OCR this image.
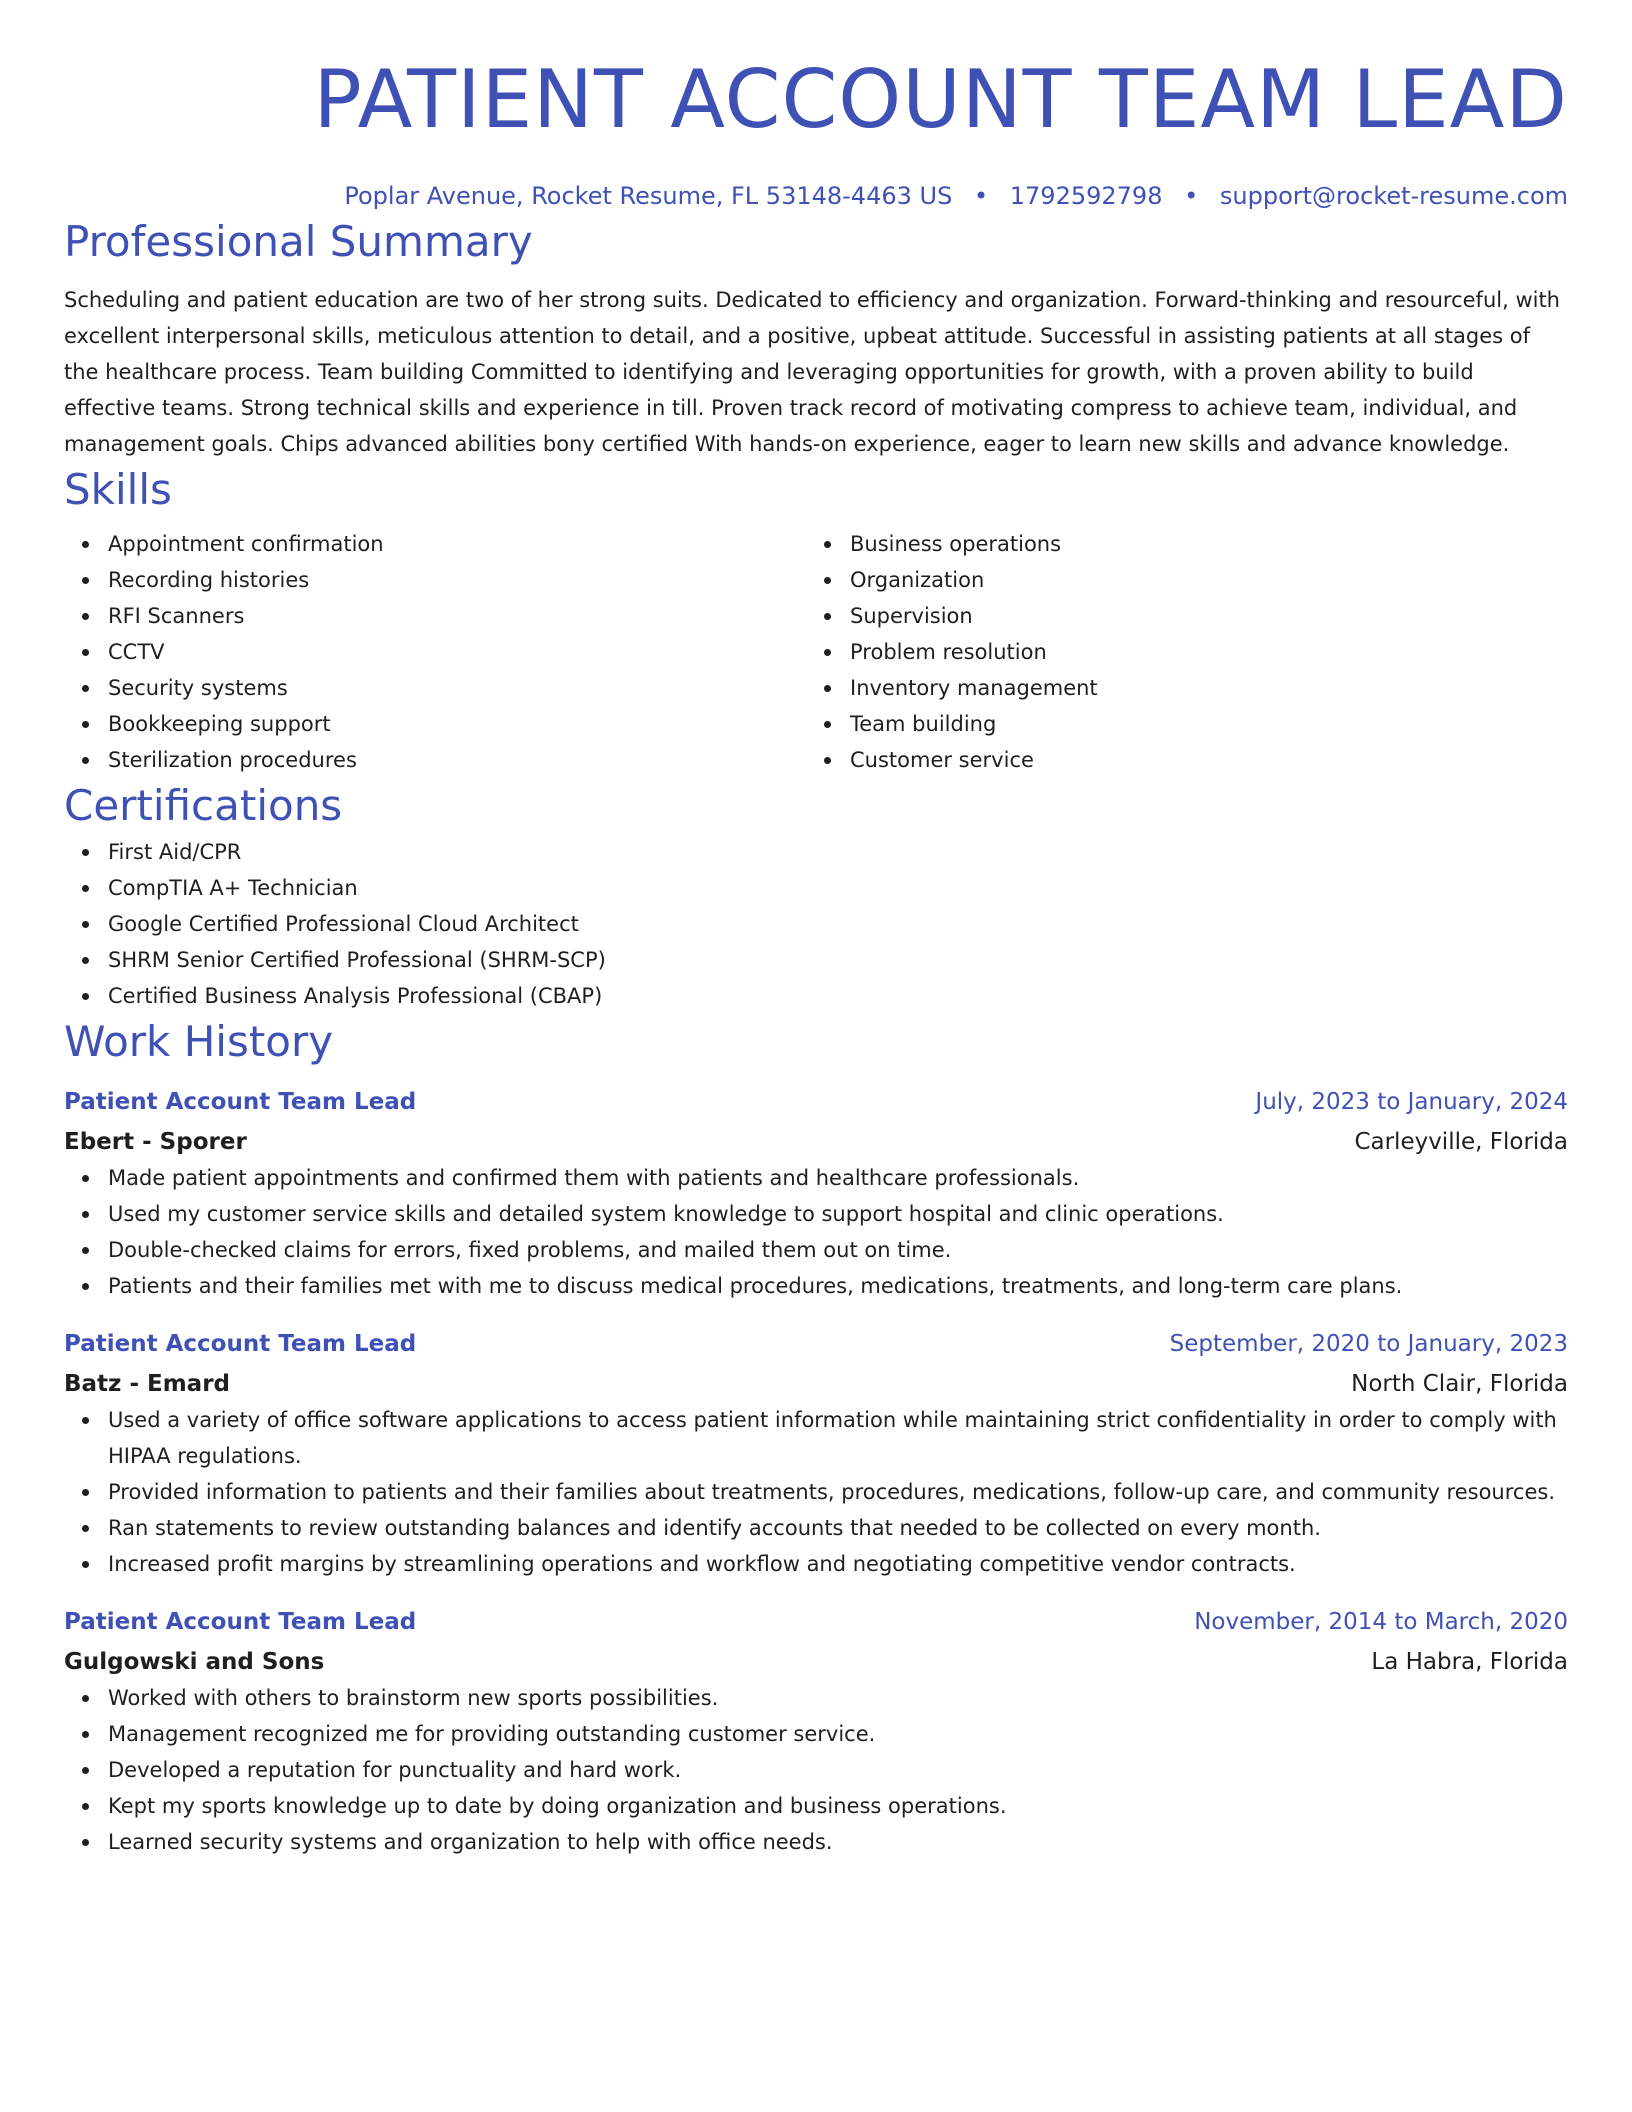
PATIENT ACCOUNT TEAM LEAD
Poplar Avenue, Rocket Resume, FL 53148-4463 US • 1792592798 • support@rocket-resume.com
Professional Summary

Scheduling and patient education are two of her strong suits. Dedicated to efficiency and organization. Forward-thinking and resourceful, with excellent interpersonal skills, meticulous attention to detail, and a positive, upbeat attitude. Successful in assisting patients at all stages of the healthcare process. Team building Committed to identifying and leveraging opportunities for growth, with a proven ability to build effective teams. Strong technical skills and experience in till. Proven track record of motivating compress to achieve team, individual, and management goals. Chips advanced abilities bony certified With hands-on experience, eager to learn new skills and advance knowledge.

Skills
Appointment confirmation
Recording histories
RFI Scanners
CCTV
Security systems
Bookkeeping support
Sterilization procedures
Business operations
Organization
Supervision
Problem resolution
Inventory management
Team building
Customer service
Certifications
First Aid/CPR
CompTIA A+ Technician
Google Certified Professional Cloud Architect
SHRM Senior Certified Professional (SHRM-SCP)
Certified Business Analysis Professional (CBAP)
Work History
Patient Account Team Lead	July, 2023 to January, 2024
Ebert - Sporer	Carleyville, Florida
Made patient appointments and confirmed them with patients and healthcare professionals.
Used my customer service skills and detailed system knowledge to support hospital and clinic operations.
Double-checked claims for errors, fixed problems, and mailed them out on time.
Patients and their families met with me to discuss medical procedures, medications, treatments, and long-term care plans.
Patient Account Team Lead	September, 2020 to January, 2023
Batz - Emard	North Clair, Florida
Used a variety of office software applications to access patient information while maintaining strict confidentiality in order to comply with HIPAA regulations.
Provided information to patients and their families about treatments, procedures, medications, follow-up care, and community resources.
Ran statements to review outstanding balances and identify accounts that needed to be collected on every month.
Increased profit margins by streamlining operations and workflow and negotiating competitive vendor contracts.
Patient Account Team Lead	November, 2014 to March, 2020
Gulgowski and Sons	La Habra, Florida
Worked with others to brainstorm new sports possibilities.
Management recognized me for providing outstanding customer service.
Developed a reputation for punctuality and hard work.
Kept my sports knowledge up to date by doing organization and business operations.
Learned security systems and organization to help with office needs.
